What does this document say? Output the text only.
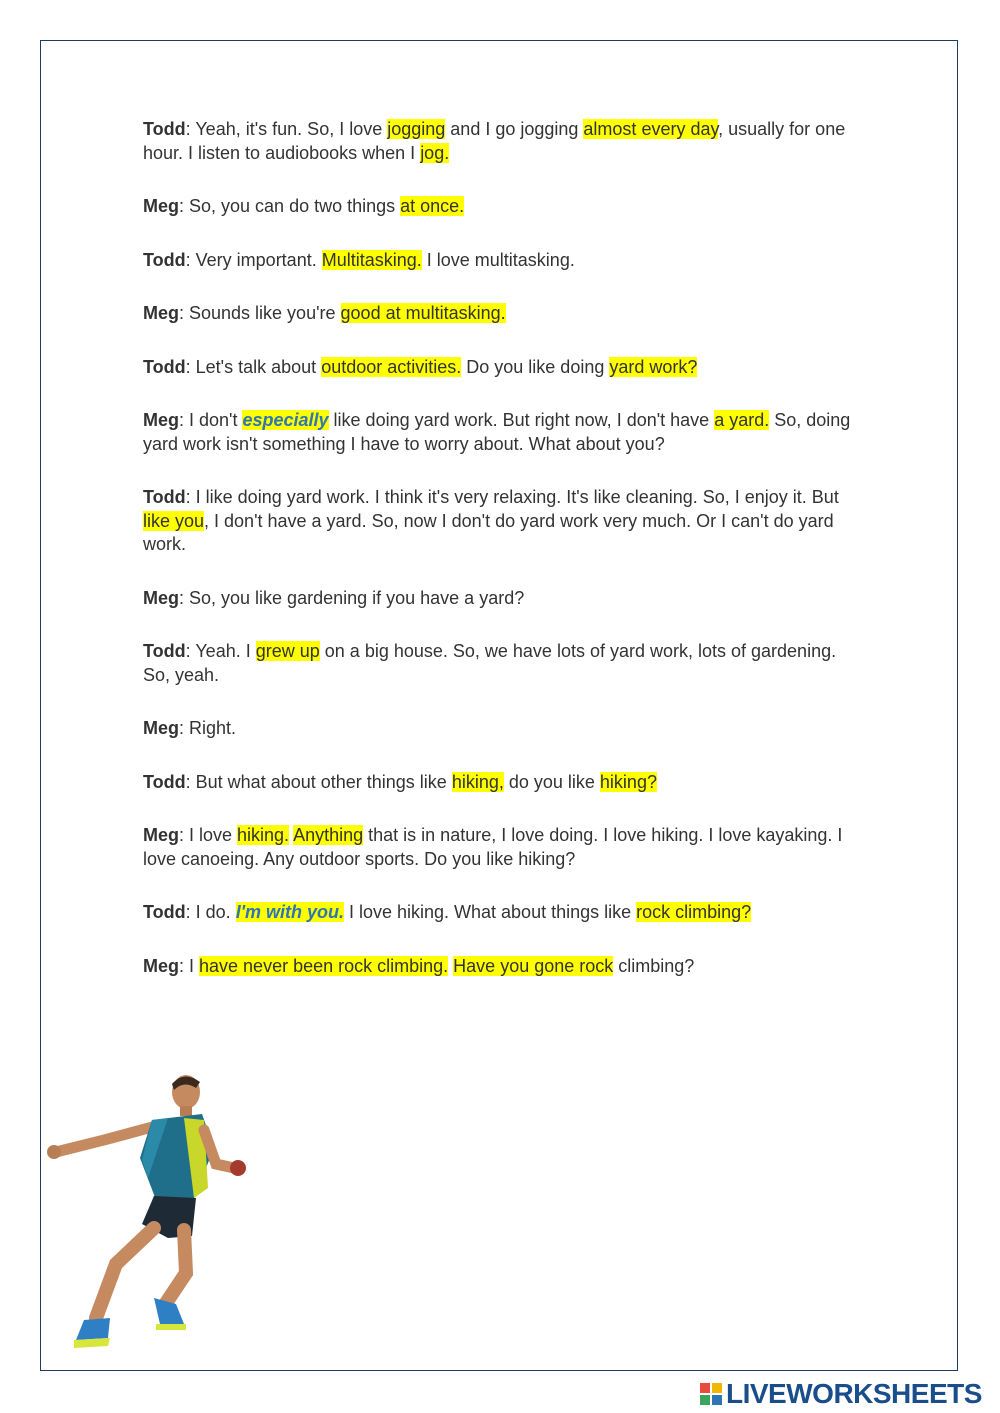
Todd: Yeah, it's fun. So, I love jogging and I go jogging almost every day, usually for one hour. I listen to audiobooks when I jog.

Meg: So, you can do two things at once.

Todd: Very important. Multitasking. I love multitasking.

Meg: Sounds like you're good at multitasking.

Todd: Let's talk about outdoor activities. Do you like doing yard work?

Meg: I don't especially like doing yard work. But right now, I don't have a yard. So, doing yard work isn't something I have to worry about. What about you?

Todd: I like doing yard work. I think it's very relaxing. It's like cleaning. So, I enjoy it. But like you, I don't have a yard. So, now I don't do yard work very much. Or I can't do yard work.

Meg: So, you like gardening if you have a yard?

Todd: Yeah. I grew up on a big house. So, we have lots of yard work, lots of gardening. So, yeah.

Meg: Right.

Todd: But what about other things like hiking, do you like hiking?

Meg: I love hiking. Anything that is in nature, I love doing. I love hiking. I love kayaking. I love canoeing. Any outdoor sports. Do you like hiking?

Todd: I do. I'm with you. I love hiking. What about things like rock climbing?

Meg: I have never been rock climbing. Have you gone rock climbing?

LIVEWORKSHEETS
